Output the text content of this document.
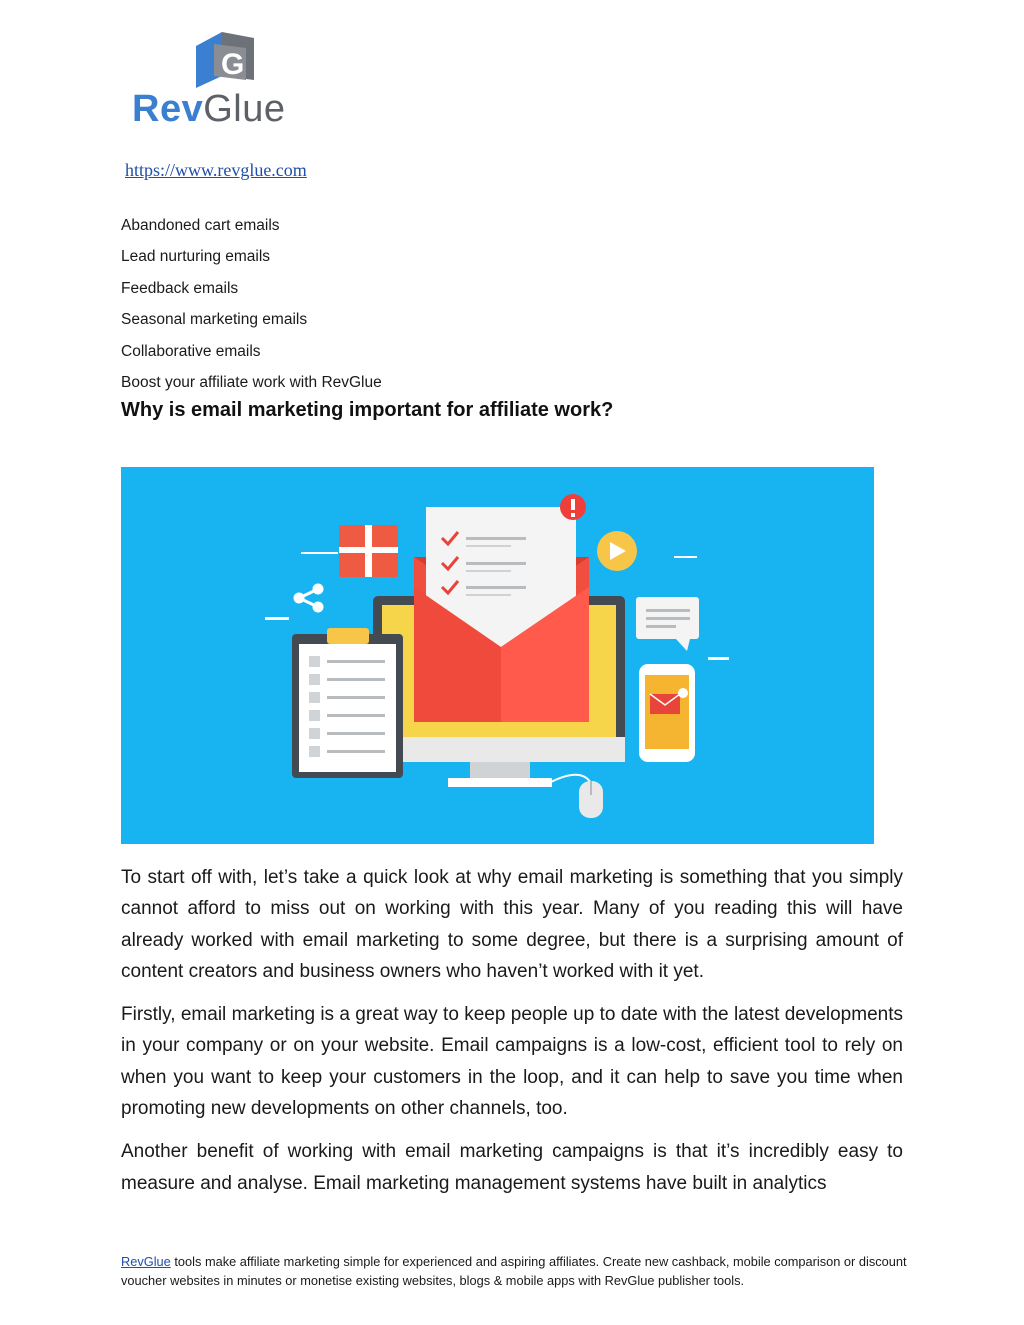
G
RevGlue
https://www.revglue.com
Abandoned cart emails
Lead nurturing emails
Feedback emails
Seasonal marketing emails
Collaborative emails
Boost your affiliate work with RevGlue
Why is email marketing important for affiliate work?

To start off with, let’s take a quick look at why email marketing is something that you simply cannot afford to miss out on working with this year. Many of you reading this will have already worked with email marketing to some degree, but there is a surprising amount of content creators and business owners who haven’t worked with it yet.

Firstly, email marketing is a great way to keep people up to date with the latest developments in your company or on your website. Email campaigns is a low-cost, efficient tool to rely on when you want to keep your customers in the loop, and it can help to save you time when promoting new developments on other channels, too.

Another benefit of working with email marketing campaigns is that it’s incredibly easy to measure and analyse. Email marketing management systems have built in analytics

RevGlue tools make affiliate marketing simple for experienced and aspiring affiliates. Create new cashback, mobile comparison or discount voucher websites in minutes or monetise existing websites, blogs & mobile apps with RevGlue publisher tools.
